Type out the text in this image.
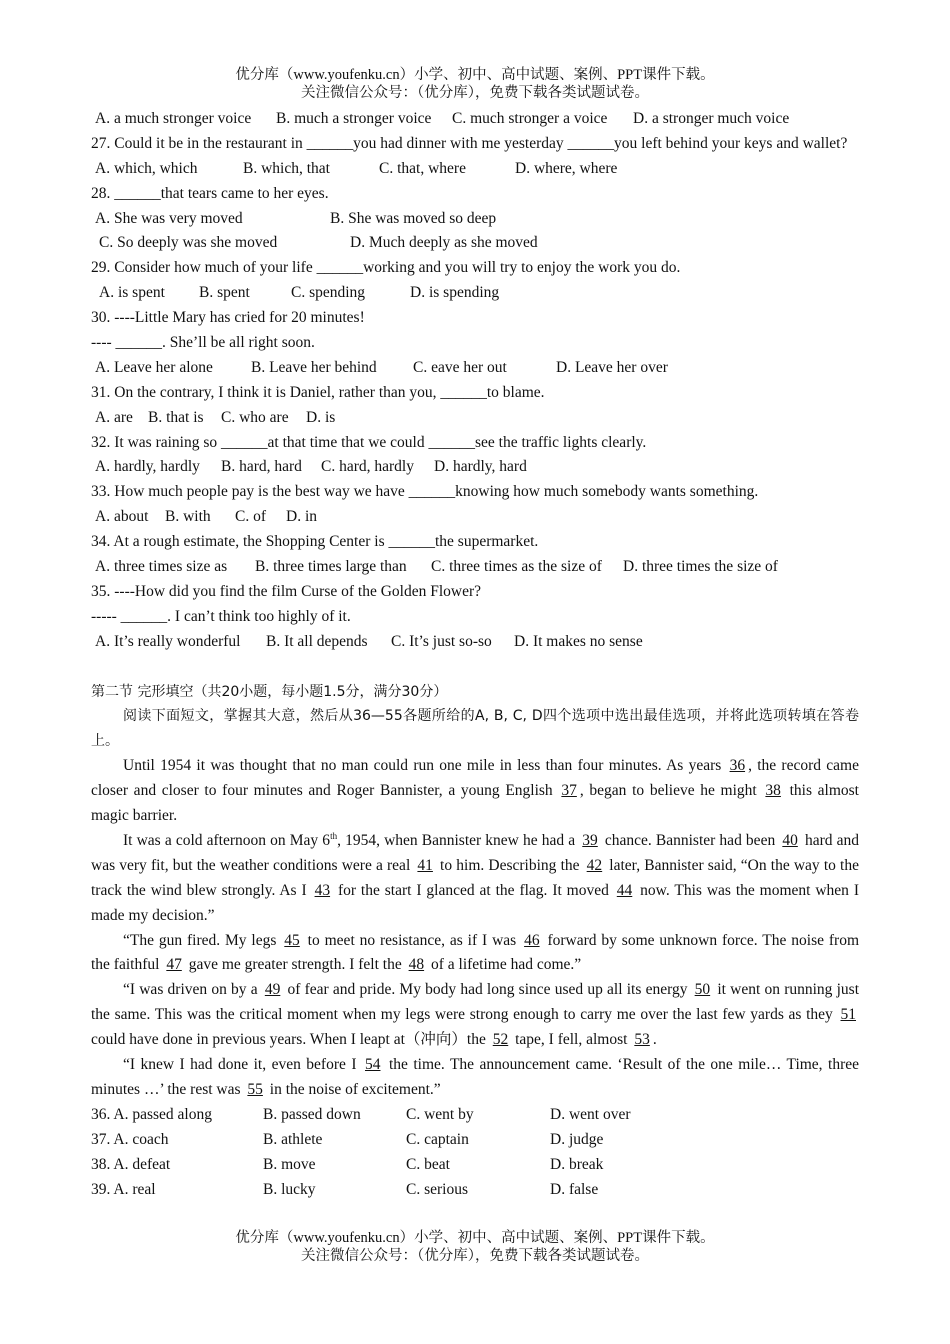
优分库（www.youfenku.cn）小学、初中、高中试题、案例、PPT课件下载。
关注微信公众号：（优分库），免费下载各类试题试卷。
A. a much stronger voice B. much a stronger voice C. much stronger a voice D. a stronger much voice
27. Could it be in the restaurant in ______you had dinner with me yesterday ______you left behind your keys and wallet?
A. which, which	B. which, that	C. that, where	D. where, where
28. ______that tears came to her eyes.
A. She was very moved	B. She was moved so deep
C. So deeply was she moved	D. Much deeply as she moved
29. Consider how much of your life ______working and you will try to enjoy the work you do.
A. is spent B. spent	C. spending	D. is spending
30. ----Little Mary has cried for 20 minutes!
---- ______. She’ll be all right soon.
A. Leave her alone B. Leave her behind C. eave her out	D. Leave her over
31. On the contrary, I think it is Daniel, rather than you, ______to blame.
A. are B. that is C. who are D. is
32. It was raining so ______at that time that we could ______see the traffic lights clearly.
A. hardly, hardly B. hard, hard C. hard, hardly D. hardly, hard
33. How much people pay is the best way we have ______knowing how much somebody wants something.
A. about B. with C. of D. in
34. At a rough estimate, the Shopping Center is ______the supermarket.
A. three times size as B. three times large than C. three times as the size of D. three times the size of
35. ----How did you find the film Curse of the Golden Flower?
----- ______. I can’t think too highly of it.
A. It’s really wonderful B. It all depends C. It’s just so-so D. It makes no sense
第二节 完形填空（共20小题，每小题1.5分，满分30分）
阅读下面短文，掌握其大意，然后从36—55各题所给的A, B, C, D四个选项中选出最佳选项，并将此选项转填在答卷上。
Until 1954 it was thought that no man could run one mile in less than four minutes. As years 36 , the record came closer and closer to four minutes and Roger Bannister, a young English 37 , began to believe he might 38 this almost magic barrier.
It was a cold afternoon on May 6th, 1954, when Bannister knew he had a 39 chance. Bannister had been 40 hard and was very fit, but the weather conditions were a real 41 to him. Describing the 42 later, Bannister said, “On the way to the track the wind blew strongly. As I 43 for the start I glanced at the flag. It moved 44 now. This was the moment when I made my decision.”
“The gun fired. My legs 45 to meet no resistance, as if I was 46 forward by some unknown force. The noise from the faithful 47 gave me greater strength. I felt the 48 of a lifetime had come.”
“I was driven on by a 49 of fear and pride. My body had long since used up all its energy 50 it went on running just the same. This was the critical moment when my legs were strong enough to carry me over the last few yards as they 51 could have done in previous years. When I leapt at（冲向）the 52 tape, I fell, almost 53 .
“I knew I had done it, even before I 54 the time. The announcement came. ‘Result of the one mile… Time, three minutes …’ the rest was 55 in the noise of excitement.”
36. A. passed along	B. passed down	C. went by	D. went over
37. A. coach	B. athlete	C. captain	D. judge
38. A. defeat	B. move	C. beat	D. break
39. A. real	B. lucky	C. serious	D. false
优分库（www.youfenku.cn）小学、初中、高中试题、案例、PPT课件下载。
关注微信公众号：（优分库），免费下载各类试题试卷。
